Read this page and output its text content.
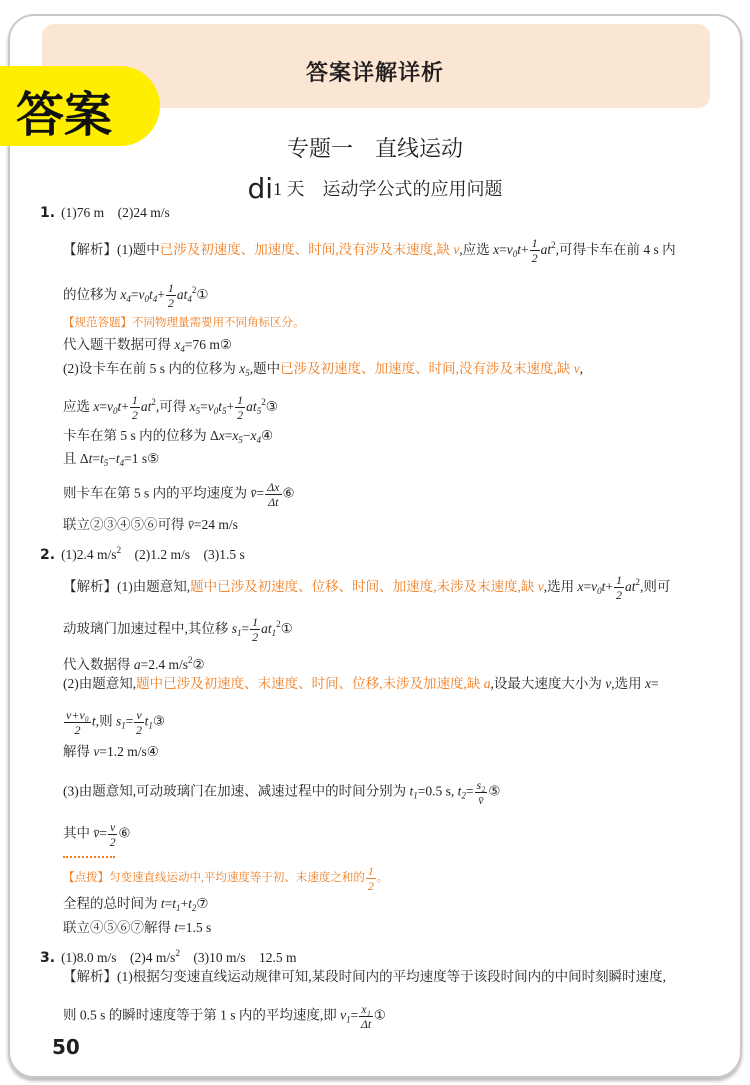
答案详解详析
答案
专题一　直线运动
di1 天　运动学公式的应用问题
1. (1)76 m　(2)24 m/s
【解析】(1)题中已涉及初速度、加速度、时间,没有涉及末速度,缺 v,应选 $x=v_0t+ \frac{1}{2} at^2$,可得卡车在前 4 s 内
的位移为 $x_4=v_0t_4+ \frac{1}{2}$ $at_4^2①$
【规范答题】不同物理量需要用不同角标区分。
代入题干数据可得 $x_4=76$ m②
(2)设卡车在前 5 s 内的位移为 $x_5$,题中已涉及初速度、加速度、时间,没有涉及末速度,缺 v,
应选 $x=v_0t+ \frac{1}{2} at^2$,可得 $x_5=v_0t_5+ \frac{1}{2}$ $at_5^2③$
卡车在第 5 s 内的位移为 $\Delta x=x_5-x_4④$
且 $\Delta t=t_5-t_4=1$ s⑤
则卡车在第 5 s 内的平均速度为 v̄= $\frac{\Delta x}{\Delta t}$ ⑥
联立②③④⑤⑥可得 v̄=24 m/s
2. (1)2.4 $m/s^2$　(2)1.2 m/s　(3)1.5 s
【解析】(1)由题意知,题中已涉及初速度、位移、时间、加速度,未涉及末速度,缺 v,选用 $x=v_0t+ \frac{1}{2} at^2$,则可
动玻璃门加速过程中,其位移 $s_1= \frac{1}{2}$ $at_1^2①$
代入数据得 a=2.4 $m/s^2②$
(2)由题意知,题中已涉及初速度、末速度、时间、位移,未涉及加速度,缺 a,设最大速度大小为 v,选用 x=
$\frac{\text{v+v₀}}{2} t$,则 $s_1= \frac{v}{2}$ $t_1③$
解得 v=1.2 m/s④
(3)由题意知,可动玻璃门在加速、减速过程中的时间分别为 $t_1=0.5$ s, $t_2= \frac{\text{s₂}}{v̄}$ ⑤
其中 v̄= $\frac{v}{2}$ ⑥
【点拨】匀变速直线运动中,平均速度等于初、末速度之和的 $\frac{1}{2}$ 。
全程的总时间为 $t=t_1+t_2⑦$
联立④⑤⑥⑦解得 t=1.5 s
3. (1)8.0 m/s　(2)4 $m/s^2$　(3)10 m/s　12.5 m
【解析】(1)根据匀变速直线运动规律可知,某段时间内的平均速度等于该段时间内的中间时刻瞬时速度,
则 0.5 s 的瞬时速度等于第 1 s 内的平均速度,即 $v_1= \frac{\text{x₁}}{\Delta t}$ ①
50
